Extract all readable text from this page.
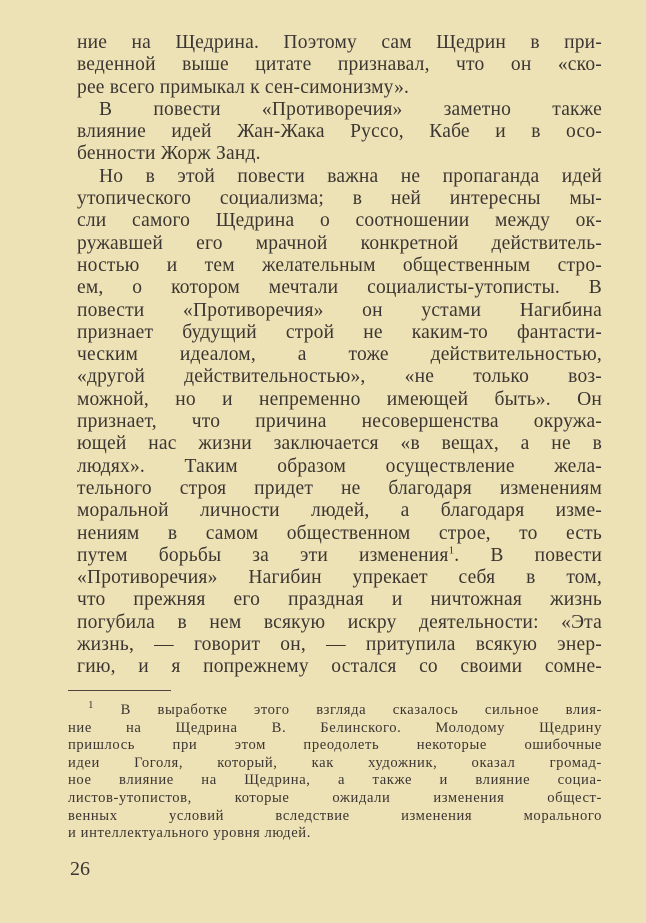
ние на Щедрина. Поэтому сам Щедрин в при-
веденной выше цитате признавал, что он «ско-
рее всего примыкал к сен-симонизму».
В повести «Противоречия» заметно также
влияние идей Жан-Жака Руссо, Кабе и в осо-
бенности Жорж Занд.
Но в этой повести важна не пропаганда идей
утопического социализма; в ней интересны мы-
сли самого Щедрина о соотношении между ок-
ружавшей его мрачной конкретной действитель-
ностью и тем желательным общественным стро-
ем, о котором мечтали социалисты-утописты. В
повести «Противоречия» он устами Нагибина
признает будущий строй не каким-то фантасти-
ческим идеалом, а тоже действительностью,
«другой действительностью», «не только воз-
можной, но и непременно имеющей быть». Он
признает, что причина несовершенства окружа-
ющей нас жизни заключается «в вещах, а не в
людях». Таким образом осуществление жела-
тельного строя придет не благодаря изменениям
моральной личности людей, а благодаря изме-
нениям в самом общественном строе, то есть
путем борьбы за эти изменения$^1$. В повести
«Противоречия» Нагибин упрекает себя в том,
что прежняя его праздная и ничтожная жизнь
погубила в нем всякую искру деятельности: «Эта
жизнь, — говорит он, — притупила всякую энер-
гию, и я попрежнему остался со своими сомне-
$^1$ В выработке этого взгляда сказалось сильное влия-
ние на Щедрина В. Белинского. Молодому Щедрину
пришлось при этом преодолеть некоторые ошибочные
идеи Гоголя, который, как художник, оказал громад-
ное влияние на Щедрина, а также и влияние социа-
листов-утопистов, которые ожидали изменения общест-
венных условий вследствие изменения морального
и интеллектуального уровня людей.
26
